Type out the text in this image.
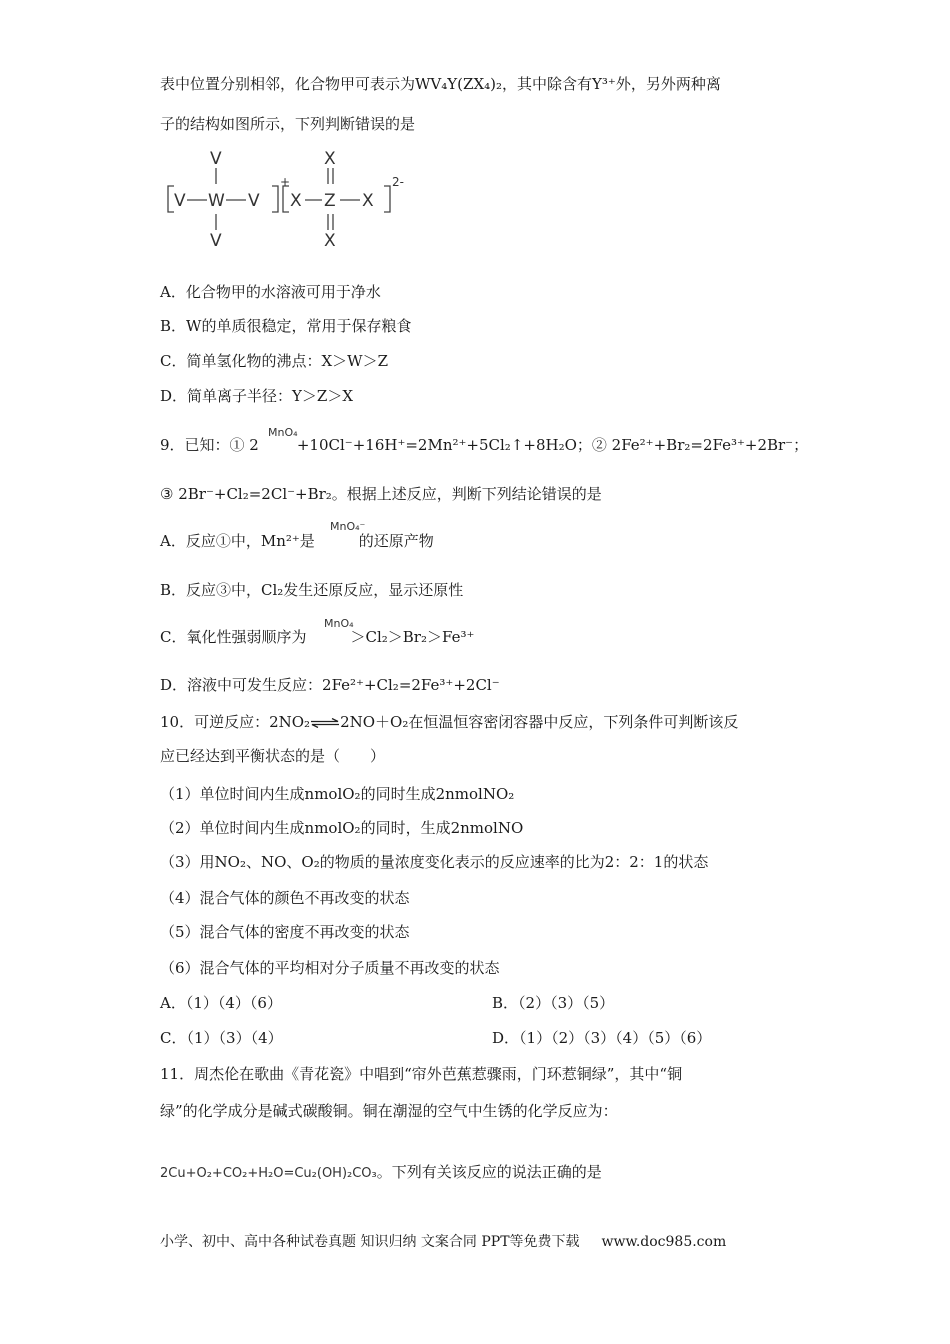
表中位置分别相邻，化合物甲可表示为WV₄Y(ZX₄)₂，其中除含有Y³⁺外，另外两种离
子的结构如图所示，下列判断错误的是
V
V W V
V
+
X
X Z X
X
2-
A．化合物甲的水溶液可用于净水
B．W的单质很稳定，常用于保存粮食
C．简单氢化物的沸点：X＞W＞Z
D．简单离子半径：Y＞Z＞X
MnO₄
9．已知：① 2	+10Cl⁻+16H⁺=2Mn²⁺+5Cl₂↑+8H₂O；② 2Fe²⁺+Br₂=2Fe³⁺+2Br⁻；
③ 2Br⁻+Cl₂=2Cl⁻+Br₂。根据上述反应，判断下列结论错误的是
MnO₄⁻
A．反应①中，Mn²⁺是	的还原产物
B．反应③中，Cl₂发生还原反应，显示还原性
MnO₄
C．氧化性强弱顺序为	＞Cl₂＞Br₂＞Fe³⁺
D．溶液中可发生反应：2Fe²⁺+Cl₂=2Fe³⁺+2Cl⁻
10．可逆反应：2NO₂⇌2NO＋O₂在恒温恒容密闭容器中反应，下列条件可判断该反
应已经达到平衡状态的是（　　）
（1）单位时间内生成nmolO₂的同时生成2nmolNO₂
（2）单位时间内生成nmolO₂的同时，生成2nmolNO
（3）用NO₂、NO、O₂的物质的量浓度变化表示的反应速率的比为2：2：1的状态
（4）混合气体的颜色不再改变的状态
（5）混合气体的密度不再改变的状态
（6）混合气体的平均相对分子质量不再改变的状态
A．（1）（4）（6）	B．（2）（3）（5）
C．（1）（3）（4）	D．（1）（2）（3）（4）（5）（6）
11．周杰伦在歌曲《青花瓷》中唱到“帘外芭蕉惹骤雨，门环惹铜绿”，其中“铜
绿”的化学成分是碱式碳酸铜。铜在潮湿的空气中生锈的化学反应为：
2Cu+O₂+CO₂+H₂O=Cu₂(OH)₂CO₃。下列有关该反应的说法正确的是
小学、初中、高中各种试卷真题 知识归纳 文案合同 PPT等免费下载 www.doc985.com
